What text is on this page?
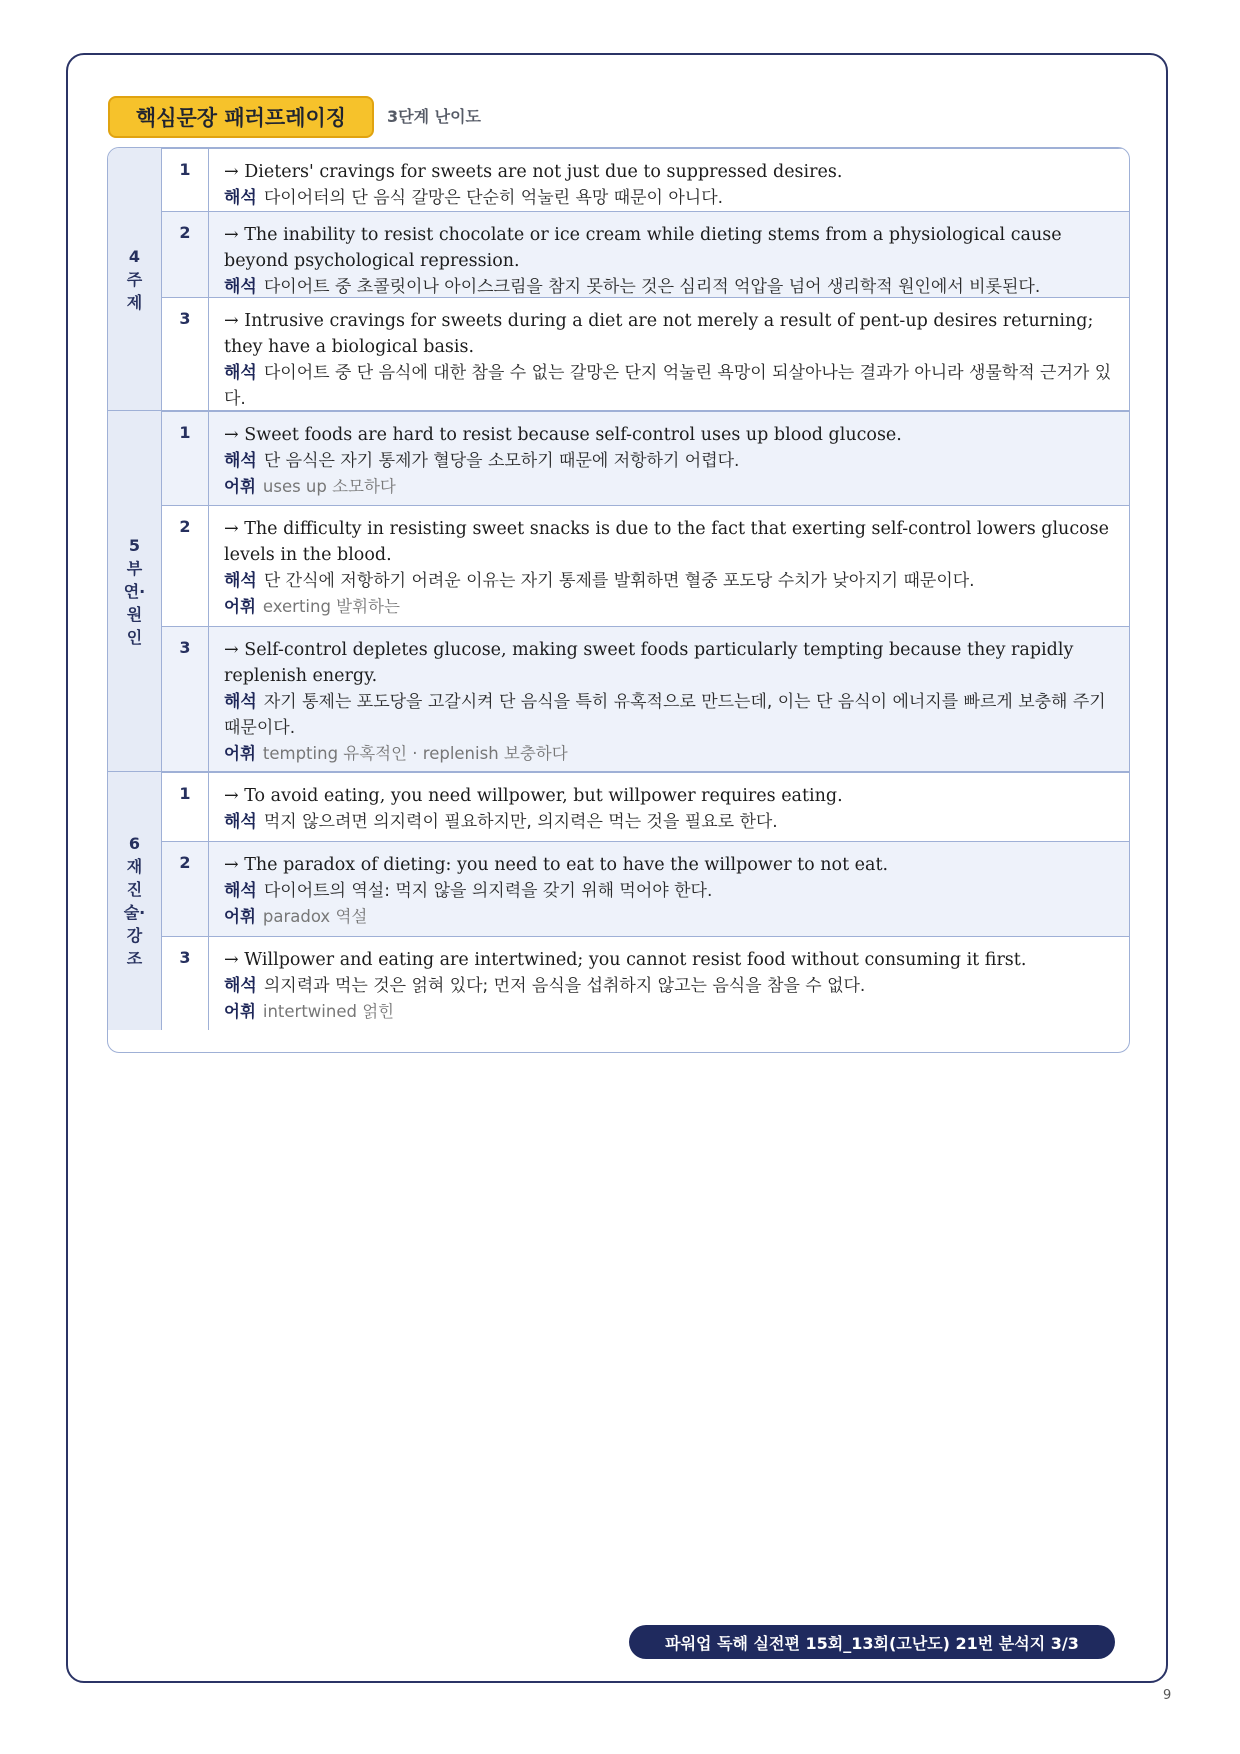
핵심문장 패러프레이징	3단계 난이도
4 주제
1	→ Dieters' cravings for sweets are not just due to suppressed desires.
해석 다이어터의 단 음식 갈망은 단순히 억눌린 욕망 때문이 아니다.
2	→ The inability to resist chocolate or ice cream while dieting stems from a physiological cause beyond psychological repression.
해석 다이어트 중 초콜릿이나 아이스크림을 참지 못하는 것은 심리적 억압을 넘어 생리학적 원인에서 비롯된다.
3	→ Intrusive cravings for sweets during a diet are not merely a result of pent-up desires returning; they have a biological basis.
해석 다이어트 중 단 음식에 대한 참을 수 없는 갈망은 단지 억눌린 욕망이 되살아나는 결과가 아니라 생물학적 근거가 있다.
5 부연·원인
1	→ Sweet foods are hard to resist because self-control uses up blood glucose.
해석 단 음식은 자기 통제가 혈당을 소모하기 때문에 저항하기 어렵다.
어휘 uses up 소모하다
2	→ The difficulty in resisting sweet snacks is due to the fact that exerting self-control lowers glucose levels in the blood.
해석 단 간식에 저항하기 어려운 이유는 자기 통제를 발휘하면 혈중 포도당 수치가 낮아지기 때문이다.
어휘 exerting 발휘하는
3	→ Self-control depletes glucose, making sweet foods particularly tempting because they rapidly replenish energy.
해석 자기 통제는 포도당을 고갈시켜 단 음식을 특히 유혹적으로 만드는데, 이는 단 음식이 에너지를 빠르게 보충해 주기 때문이다.
어휘 tempting 유혹적인 · replenish 보충하다
6 재진술·강조
1	→ To avoid eating, you need willpower, but willpower requires eating.
해석 먹지 않으려면 의지력이 필요하지만, 의지력은 먹는 것을 필요로 한다.
2	→ The paradox of dieting: you need to eat to have the willpower to not eat.
해석 다이어트의 역설: 먹지 않을 의지력을 갖기 위해 먹어야 한다.
어휘 paradox 역설
3	→ Willpower and eating are intertwined; you cannot resist food without consuming it first.
해석 의지력과 먹는 것은 얽혀 있다; 먼저 음식을 섭취하지 않고는 음식을 참을 수 없다.
어휘 intertwined 얽힌
파워업 독해 실전편 15회_13회(고난도) 21번 분석지 3/3
9
